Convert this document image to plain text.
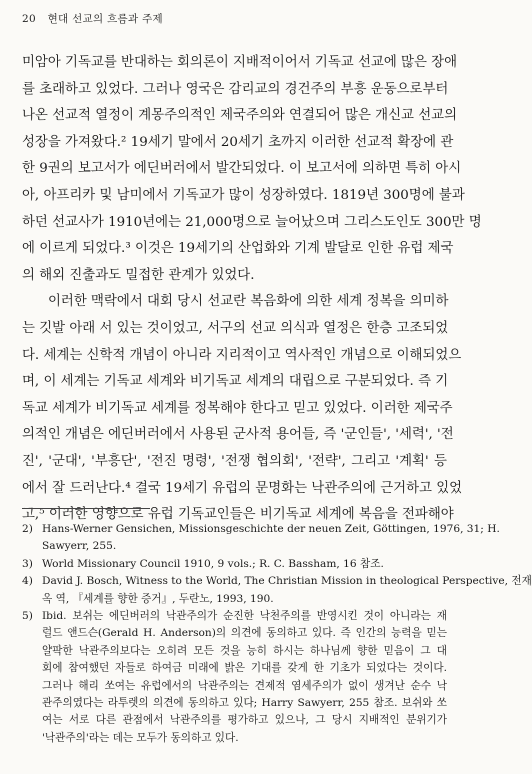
20 현대 선교의 흐름과 주제
미암아 기독교를 반대하는 회의론이 지배적이어서 기독교 선교에 많은 장애
를 초래하고 있었다. 그러나 영국은 감리교의 경건주의 부흥 운동으로부터
나온 선교적 열정이 계몽주의적인 제국주의와 연결되어 많은 개신교 선교의
성장을 가져왔다.² 19세기 말에서 20세기 초까지 이러한 선교적 확장에 관
한 9권의 보고서가 에딘버러에서 발간되었다. 이 보고서에 의하면 특히 아시
아, 아프리카 및 남미에서 기독교가 많이 성장하였다. 1819년 300명에 불과
하던 선교사가 1910년에는 21,000명으로 늘어났으며 그리스도인도 300만 명
에 이르게 되었다.³ 이것은 19세기의 산업화와 기계 발달로 인한 유럽 제국
의 해외 진출과도 밀접한 관계가 있었다.
이러한 맥락에서 대회 당시 선교란 복음화에 의한 세계 정복을 의미하
는 깃발 아래 서 있는 것이었고, 서구의 선교 의식과 열정은 한층 고조되었
다. 세계는 신학적 개념이 아니라 지리적이고 역사적인 개념으로 이해되었으
며, 이 세계는 기독교 세계와 비기독교 세계의 대립으로 구분되었다. 즉 기
독교 세계가 비기독교 세계를 정복해야 한다고 믿고 있었다. 이러한 제국주
의적인 개념은 에딘버러에서 사용된 군사적 용어들, 즉 '군인들', '세력', '전
진', '군대', '부흥단', '전진 명령', '전쟁 협의회', '전략', 그리고 '계획' 등
에서 잘 드러난다.⁴ 결국 19세기 유럽의 문명화는 낙관주의에 근거하고 있었
고,⁵ 이러한 영향으로 유럽 기독교인들은 비기독교 세계에 복음을 전파해야
2) Hans-Werner Gensichen, Missionsgeschichte der neuen Zeit, Göttingen, 1976, 31; H.
Sawyerr, 255.
3) World Missionary Council 1910, 9 vols.; R. C. Bassham, 16 참조.
4) David J. Bosch, Witness to the World, The Christian Mission in theological Perspective, 전재
옥 역, 『세계를 향한 증거』, 두란노, 1993, 190.
5) Ibid. 보쉬는 에딘버러의 낙관주의가 순진한 낙천주의를 반영시킨 것이 아니라는 재
럴드 앤드슨(Gerald H. Anderson)의 의견에 동의하고 있다. 즉 인간의 능력을 믿는
얄팍한 낙관주의보다는 오히려 모든 것을 능히 하시는 하나님께 향한 믿음이 그 대
회에 참여했던 자들로 하여금 미래에 밝은 기대를 갖게 한 기초가 되었다는 것이다.
그러나 해리 쏘여는 유럽에서의 낙관주의는 견제적 염세주의가 없이 생겨난 순수 낙
관주의였다는 라투렛의 의견에 동의하고 있다; Harry Sawyerr, 255 참조. 보쉬와 쏘
여는 서로 다른 관점에서 낙관주의를 평가하고 있으나, 그 당시 지배적인 분위기가
'낙관주의'라는 데는 모두가 동의하고 있다.
